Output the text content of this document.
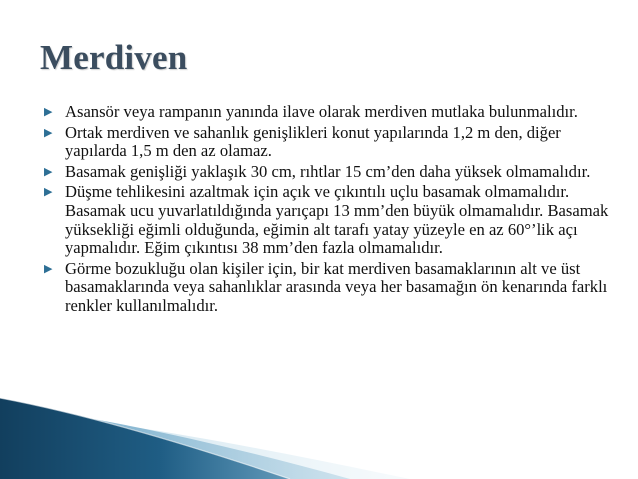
Merdiven
▶ Asansör veya rampanın yanında ilave olarak merdiven mutlaka bulunmalıdır.
▶ Ortak merdiven ve sahanlık genişlikleri konut yapılarında 1,2 m den, diğer yapılarda 1,5 m den az olamaz.
▶ Basamak genişliği yaklaşık 30 cm, rıhtlar 15 cm’den daha yüksek olmamalıdır.
▶ Düşme tehlikesini azaltmak için açık ve çıkıntılı uçlu basamak olmamalıdır. Basamak ucu yuvarlatıldığında yarıçapı 13 mm’den büyük olmamalıdır. Basamak yüksekliği eğimli olduğunda, eğimin alt tarafı yatay yüzeyle en az 60°’lik açı yapmalıdır. Eğim çıkıntısı 38 mm’den fazla olmamalıdır.
▶ Görme bozukluğu olan kişiler için, bir kat merdiven basamaklarının alt ve üst basamaklarında veya sahanlıklar arasında veya her basamağın ön kenarında farklı renkler kullanılmalıdır.
